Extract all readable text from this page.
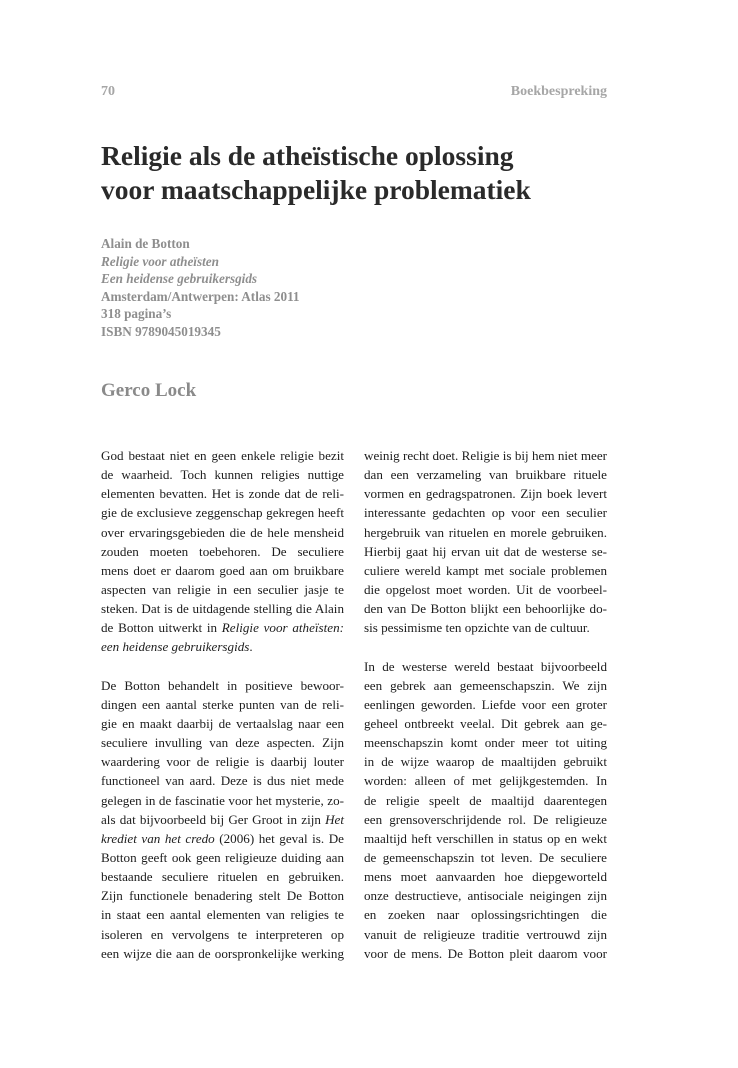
70	Boekbespreking
Religie als de atheïstische oplossing
voor maatschappelijke problematiek
Alain de Botton
Religie voor atheïsten
Een heidense gebruikersgids
Amsterdam/Antwerpen: Atlas 2011
318 pagina’s
ISBN 9789045019345
Gerco Lock
God bestaat niet en geen enkele religie bezit
de waarheid. Toch kunnen religies nuttige
elementen bevatten. Het is zonde dat de reli-
gie de exclusieve zeggenschap gekregen heeft
over ervaringsgebieden die de hele mensheid
zouden moeten toebehoren. De seculiere
mens doet er daarom goed aan om bruikbare
aspecten van religie in een seculier jasje te
steken. Dat is de uitdagende stelling die Alain
de Botton uitwerkt in Religie voor atheïsten:
een heidense gebruikersgids.
De Botton behandelt in positieve bewoor-
dingen een aantal sterke punten van de reli-
gie en maakt daarbij de vertaalslag naar een
seculiere invulling van deze aspecten. Zijn
waardering voor de religie is daarbij louter
functioneel van aard. Deze is dus niet mede
gelegen in de fascinatie voor het mysterie, zo-
als dat bijvoorbeeld bij Ger Groot in zijn Het
krediet van het credo (2006) het geval is. De
Botton geeft ook geen religieuze duiding aan
bestaande seculiere rituelen en gebruiken.
Zijn functionele benadering stelt De Botton
in staat een aantal elementen van religies te
isoleren en vervolgens te interpreteren op
een wijze die aan de oorspronkelijke werking
weinig recht doet. Religie is bij hem niet meer
dan een verzameling van bruikbare rituele
vormen en gedragspatronen. Zijn boek levert
interessante gedachten op voor een seculier
hergebruik van rituelen en morele gebruiken.
Hierbij gaat hij ervan uit dat de westerse se-
culiere wereld kampt met sociale problemen
die opgelost moet worden. Uit de voorbeel-
den van De Botton blijkt een behoorlijke do-
sis pessimisme ten opzichte van de cultuur.
In de westerse wereld bestaat bijvoorbeeld
een gebrek aan gemeenschapszin. We zijn
eenlingen geworden. Liefde voor een groter
geheel ontbreekt veelal. Dit gebrek aan ge-
meenschapszin komt onder meer tot uiting
in de wijze waarop de maaltijden gebruikt
worden: alleen of met gelijkgestemden. In
de religie speelt de maaltijd daarentegen
een grensoverschrijdende rol. De religieuze
maaltijd heft verschillen in status op en wekt
de gemeenschapszin tot leven. De seculiere
mens moet aanvaarden hoe diepgeworteld
onze destructieve, antisociale neigingen zijn
en zoeken naar oplossingsrichtingen die
vanuit de religieuze traditie vertrouwd zijn
voor de mens. De Botton pleit daarom voor
